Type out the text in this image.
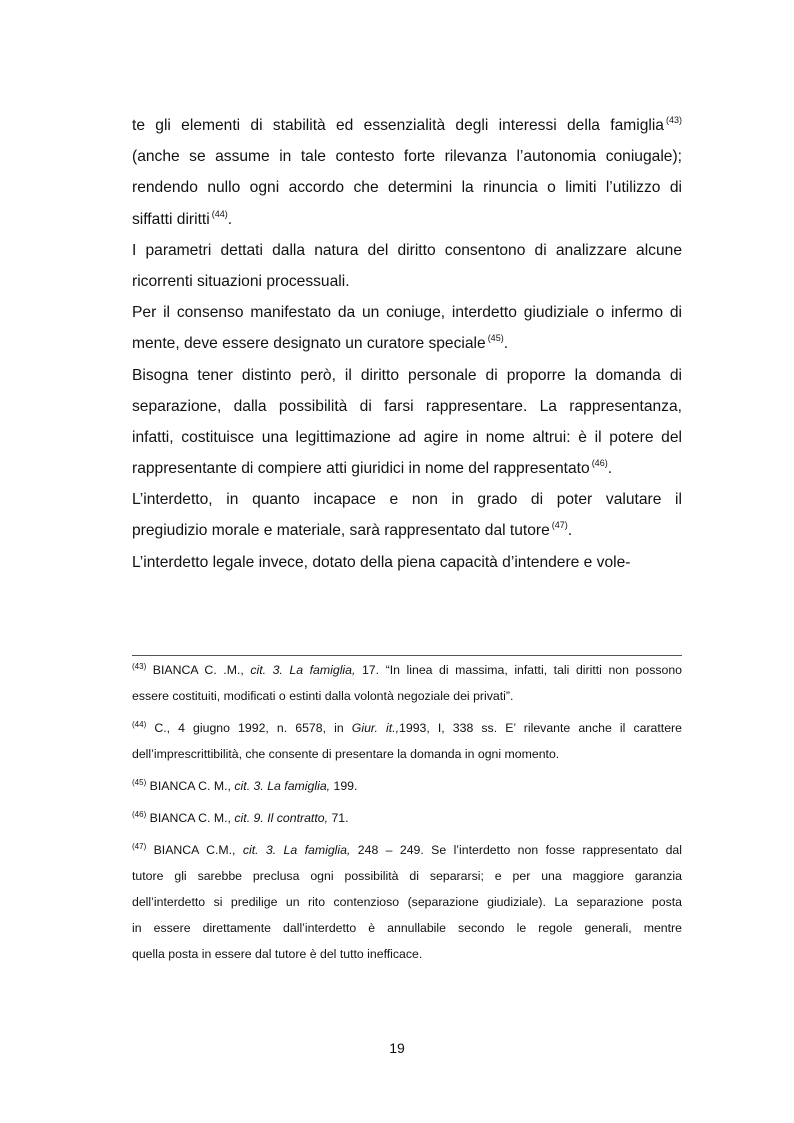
te gli elementi di stabilità ed essenzialità degli interessi della famiglia $^{(43)}$
(anche se assume in tale contesto forte rilevanza l’autonomia coniugale);
rendendo nullo ogni accordo che determini la rinuncia o limiti l’utilizzo di
siffatti diritti $^{(44)}$.
I parametri dettati dalla natura del diritto consentono di analizzare alcune
ricorrenti situazioni processuali.
Per il consenso manifestato da un coniuge, interdetto giudiziale o infermo di
mente, deve essere designato un curatore speciale $^{(45)}$.
Bisogna tener distinto però, il diritto personale di proporre la domanda di
separazione, dalla possibilità di farsi rappresentare. La rappresentanza,
infatti, costituisce una legittimazione ad agire in nome altrui: è il potere del
rappresentante di compiere atti giuridici in nome del rappresentato $^{(46)}$.
L’interdetto, in quanto incapace e non in grado di poter valutare il
pregiudizio morale e materiale, sarà rappresentato dal tutore $^{(47)}$.
L’interdetto legale invece, dotato della piena capacità d’intendere e vole-
$^{(43)}$ BIANCA C. .M., cit. 3. La famiglia, 17. “In linea di massima, infatti, tali diritti non possono
essere costituiti, modificati o estinti dalla volontà negoziale dei privati”.
$^{(44)}$ C., 4 giugno 1992, n. 6578, in Giur. it.,1993, I, 338 ss. E’ rilevante anche il carattere
dell’imprescrittibilità, che consente di presentare la domanda in ogni momento.
$^{(45)}$ BIANCA C. M., cit. 3. La famiglia, 199.
$^{(46)}$ BIANCA C. M., cit. 9. Il contratto, 71.
$^{(47)}$ BIANCA C.M., cit. 3. La famiglia, 248 – 249. Se l’interdetto non fosse rappresentato dal
tutore gli sarebbe preclusa ogni possibilità di separarsi; e per una maggiore garanzia
dell’interdetto si predilige un rito contenzioso (separazione giudiziale). La separazione posta
in essere direttamente dall’interdetto è annullabile secondo le regole generali, mentre
quella posta in essere dal tutore è del tutto inefficace.
19
